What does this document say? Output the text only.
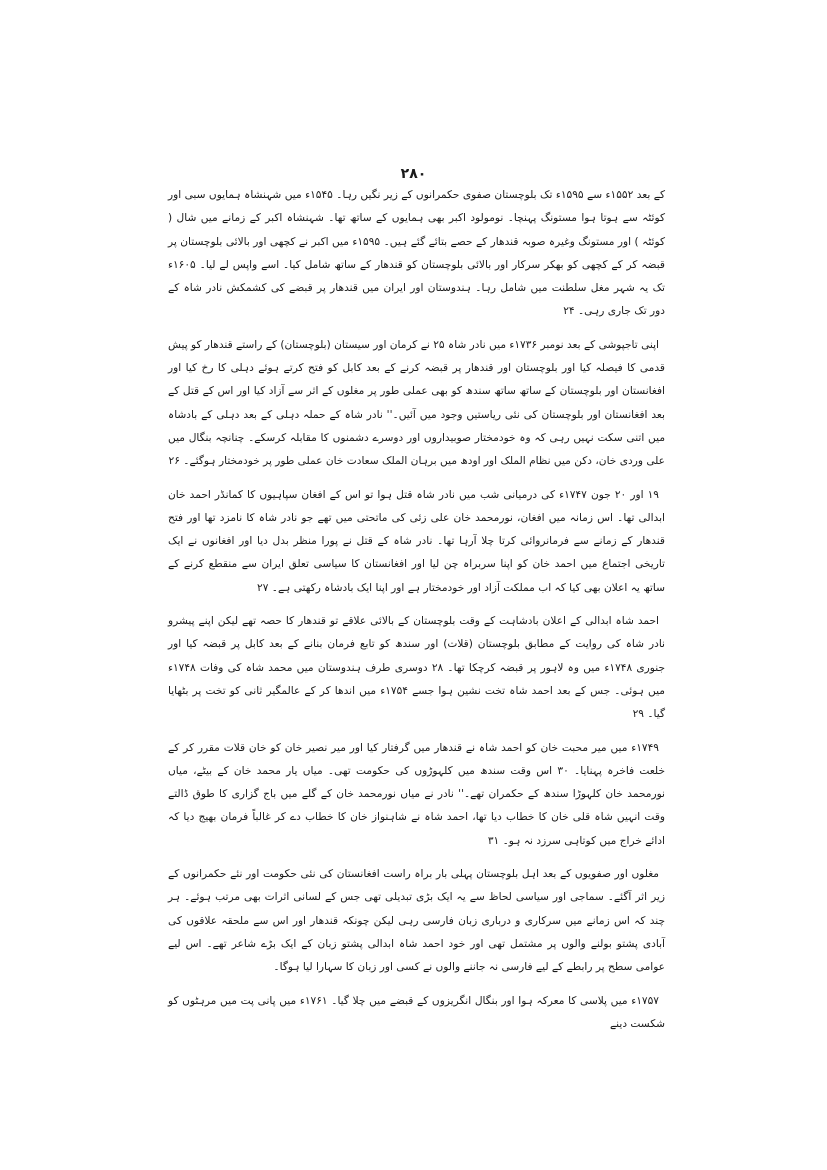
۲۸۰

کے بعد ۱۵۵۲ء سے ۱۵۹۵ء تک بلوچستان صفوی حکمرانوں کے زیر نگیں رہا۔ ۱۵۴۵ء میں شہنشاہ ہمایوں سبی اور کوئٹہ سے ہوتا ہوا مستونگ پہنچا۔ نومولود اکبر بھی ہمایوں کے ساتھ تھا۔ شہنشاہ اکبر کے زمانے میں شال ( کوئٹہ ) اور مستونگ وغیرہ صوبہ قندھار کے حصے بتائے گئے ہیں۔ ۱۵۹۵ء میں اکبر نے کچھی اور بالائی بلوچستان پر قبضہ کر کے کچھی کو بھکر سرکار اور بالائی بلوچستان کو قندھار کے ساتھ شامل کیا۔ اسے واپس لے لیا۔ ۱۶۰۵ء تک یہ شہر مغل سلطنت میں شامل رہا۔ ہندوستان اور ایران میں قندھار پر قبضے کی کشمکش نادر شاہ کے دور تک جاری رہی۔ ۲۴

اپنی تاجپوشی کے بعد نومبر ۱۷۳۶ء میں نادر شاہ ۲۵ نے کرمان اور سیستان (بلوچستان) کے راستے قندھار کو پیش قدمی کا فیصلہ کیا اور بلوچستان اور قندھار پر قبضہ کرنے کے بعد کابل کو فتح کرتے ہوئے دہلی کا رخ کیا اور افغانستان اور بلوچستان کے ساتھ ساتھ سندھ کو بھی عملی طور پر مغلوں کے اثر سے آزاد کیا اور اس کے قتل کے بعد افغانستان اور بلوچستان کی نئی ریاستیں وجود میں آئیں۔'' نادر شاہ کے حملہ دہلی کے بعد دہلی کے بادشاہ میں اتنی سکت نہیں رہی کہ وہ خودمختار صوبیداروں اور دوسرے دشمنوں کا مقابلہ کرسکے۔ چنانچہ بنگال میں علی وردی خان، دکن میں نظام الملک اور اودھ میں برہان الملک سعادت خان عملی طور پر خودمختار ہوگئے۔ ۲۶

۱۹ اور ۲۰ جون ۱۷۴۷ء کی درمیانی شب میں نادر شاہ قتل ہوا تو اس کے افغان سپاہیوں کا کمانڈر احمد خان ابدالی تھا۔ اس زمانہ میں افغان، نورمحمد خان علی زئی کی ماتحتی میں تھے جو نادر شاہ کا نامزد تھا اور فتح قندھار کے زمانے سے فرمانروائی کرتا چلا آرہا تھا۔ نادر شاہ کے قتل نے پورا منظر بدل دیا اور افغانوں نے ایک تاریخی اجتماع میں احمد خان کو اپنا سربراہ چن لیا اور افغانستان کا سیاسی تعلق ایران سے منقطع کرنے کے ساتھ یہ اعلان بھی کیا کہ اب مملکت آزاد اور خودمختار ہے اور اپنا ایک بادشاہ رکھتی ہے۔ ۲۷

احمد شاہ ابدالی کے اعلان بادشاہت کے وقت بلوچستان کے بالائی علاقے تو قندھار کا حصہ تھے لیکن اپنے پیشرو نادر شاہ کی روایت کے مطابق بلوچستان (قلات) اور سندھ کو تابع فرمان بنانے کے بعد کابل پر قبضہ کیا اور جنوری ۱۷۴۸ء میں وہ لاہور پر قبضہ کرچکا تھا۔ ۲۸ دوسری طرف ہندوستان میں محمد شاہ کی وفات ۱۷۴۸ء میں ہوئی۔ جس کے بعد احمد شاہ تخت نشین ہوا جسے ۱۷۵۴ء میں اندھا کر کے عالمگیر ثانی کو تخت پر بٹھایا گیا۔ ۲۹

۱۷۴۹ء میں میر محبت خان کو احمد شاہ نے قندھار میں گرفتار کیا اور میر نصیر خان کو خان قلات مقرر کر کے خلعت فاخرہ پہنایا۔ ۳۰ اس وقت سندھ میں کلہوڑوں کی حکومت تھی۔ میاں یار محمد خان کے بیٹے، میاں نورمحمد خان کلہوڑا سندھ کے حکمران تھے۔'' نادر نے میاں نورمحمد خان کے گلے میں باج گزاری کا طوق ڈالتے وقت انہیں شاہ قلی خان کا خطاب دیا تھا، احمد شاہ نے شاہنواز خان کا خطاب دے کر غالباً فرمان بھیج دیا کہ ادائے خراج میں کوتاہی سرزد نہ ہو۔ ۳۱

مغلوں اور صفویوں کے بعد اہل بلوچستان پہلی بار براہ راست افغانستان کی نئی حکومت اور نئے حکمرانوں کے زیر اثر آگئے۔ سماجی اور سیاسی لحاظ سے یہ ایک بڑی تبدیلی تھی جس کے لسانی اثرات بھی مرتب ہوئے۔ ہر چند کہ اس زمانے میں سرکاری و درباری زبان فارسی رہی لیکن چونکہ قندھار اور اس سے ملحقہ علاقوں کی آبادی پشتو بولنے والوں پر مشتمل تھی اور خود احمد شاہ ابدالی پشتو زبان کے ایک بڑے شاعر تھے۔ اس لیے عوامی سطح پر رابطے کے لیے فارسی نہ جاننے والوں نے کسی اور زبان کا سہارا لیا ہوگا۔

۱۷۵۷ء میں پلاسی کا معرکہ ہوا اور بنگال انگریزوں کے قبضے میں چلا گیا۔ ۱۷۶۱ء میں پانی پت میں مرہٹوں کو شکست دینے
